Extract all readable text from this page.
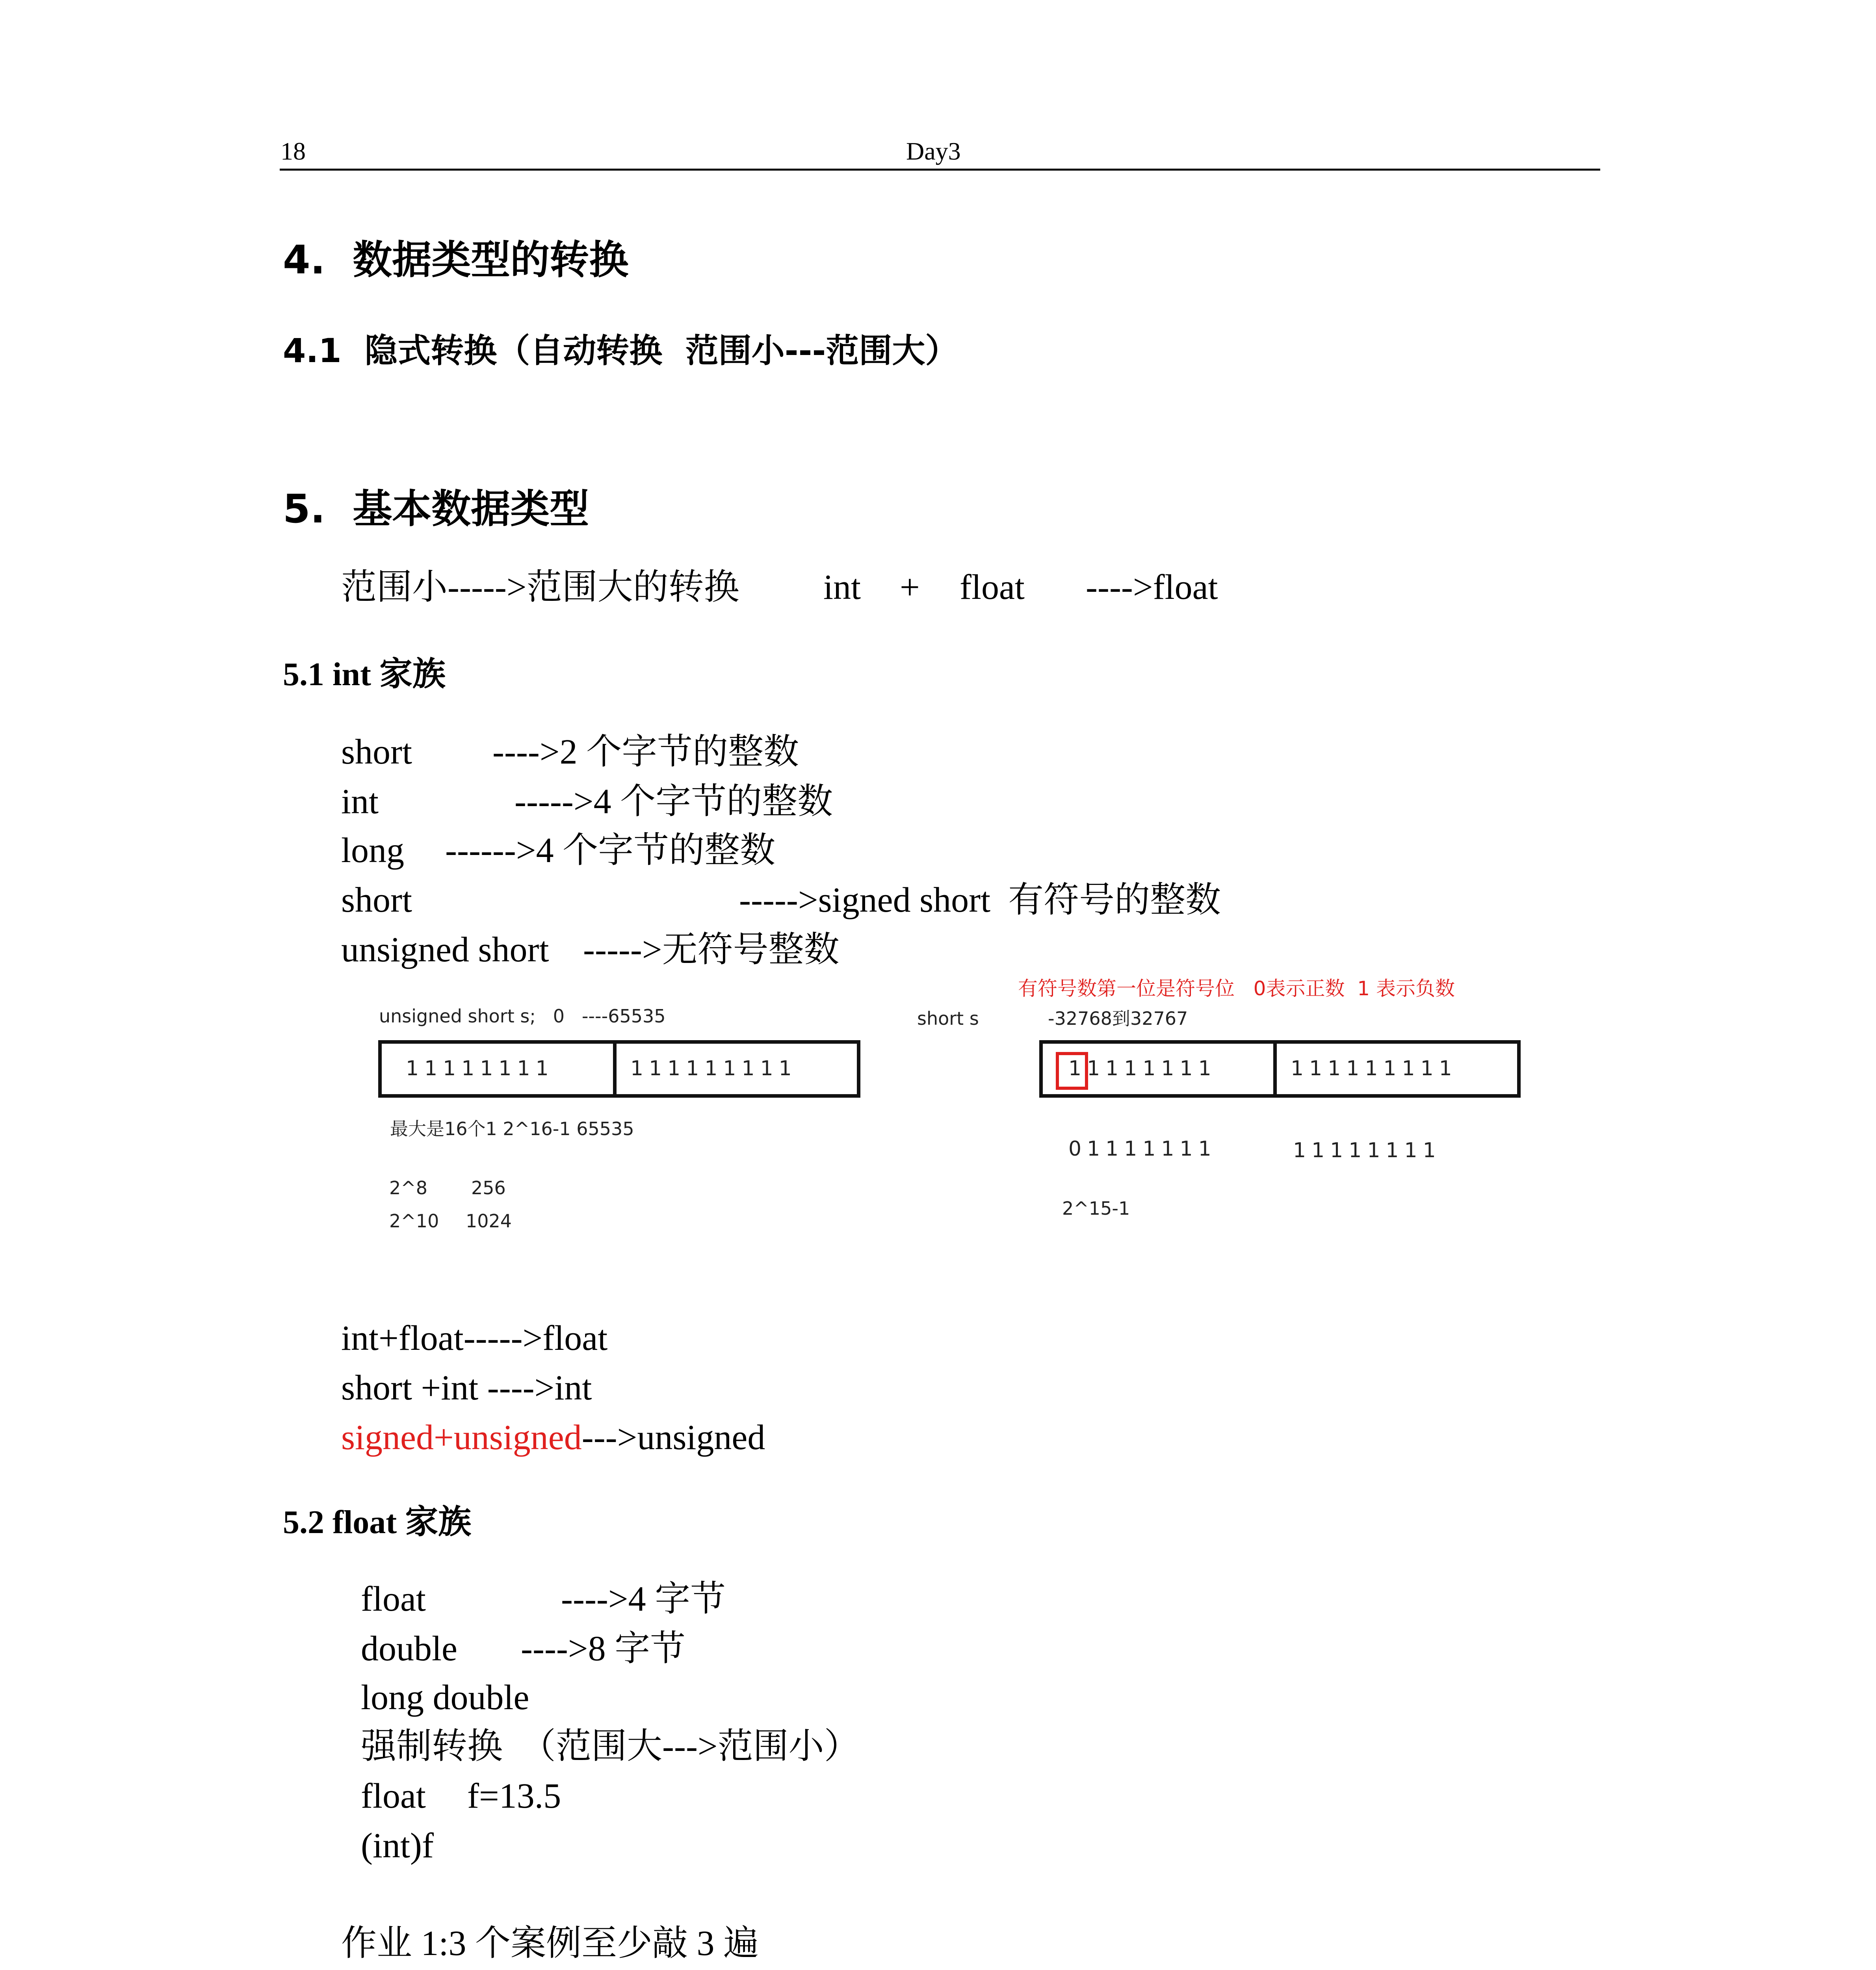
18	Day3
4.  数据类型的转换
4.1  隐式转换（自动转换  范围小---范围大）
5.  基本数据类型
范围小----->范围大的转换 int + float ---->float
5.1 int 家族
short ---->2 个字节的整数
int	----->4 个字节的整数
long ------>4 个字节的整数
short	----->signed short  有符号的整数
unsigned short ----->无符号整数
unsigned short s;   0   ----65535
11111111	111111111
最大是16个1 2^16-1 65535
2^8 256
2^10 1024
有符号数第一位是符号位   0表示正数  1 表示负数
short s	-32768到32767
11111111	111111111
01111111	11111111
2^15-1
int+float----->float
short +int ---->int
signed+unsigned--->unsigned
5.2 float 家族
float	---->4 字节
double ---->8 字节
long double
强制转换  （范围大--->范围小）
float f=13.5
(int)f
作业 1:3 个案例至少敲 3 遍
